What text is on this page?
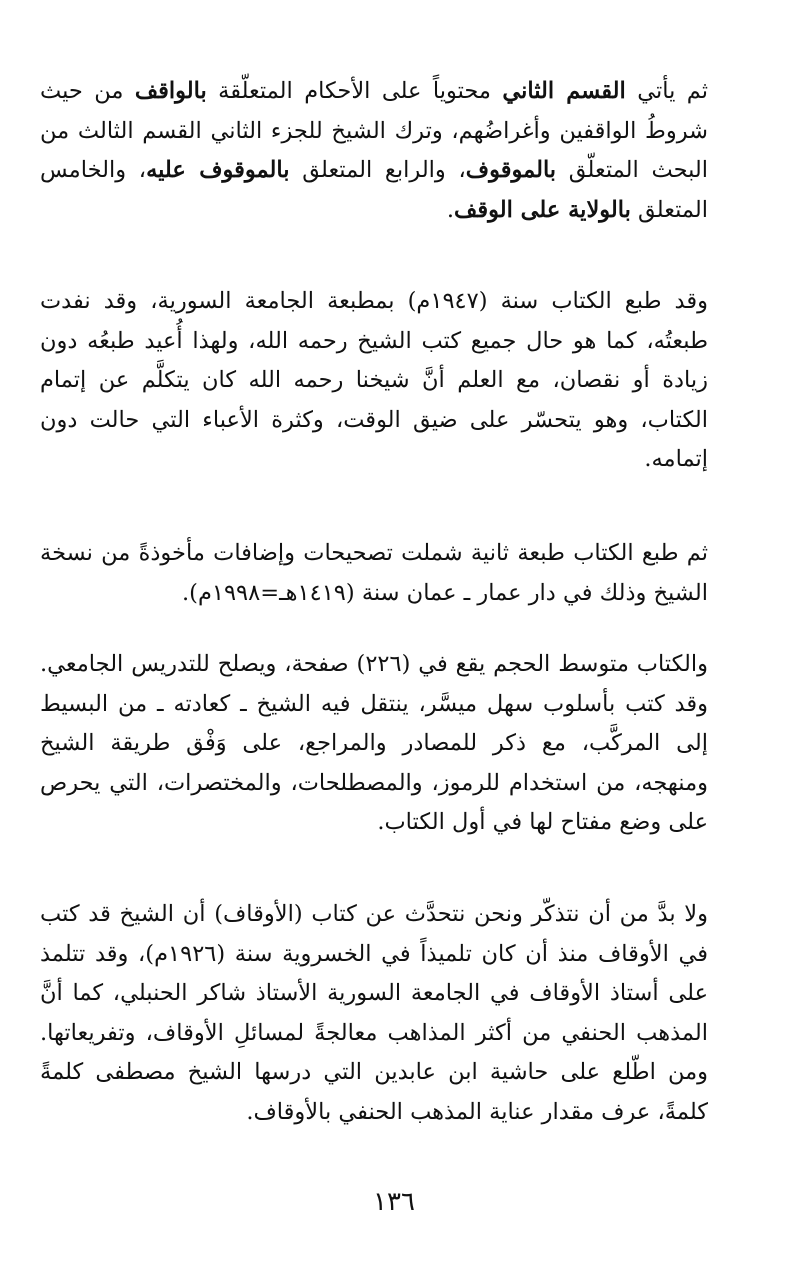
ثم يأتي القسم الثاني محتوياً على الأحكام المتعلّقة بالواقف من حيث شروطُ الواقفين وأغراضُهم، وترك الشيخ للجزء الثاني القسم الثالث من البحث المتعلّق بالموقوف، والرابع المتعلق بالموقوف عليه، والخامس المتعلق بالولاية على الوقف.

وقد طبع الكتاب سنة (١٩٤٧م) بمطبعة الجامعة السورية، وقد نفدت طبعتُه، كما هو حال جميع كتب الشيخ رحمه الله، ولهذا أُعيد طبعُه دون زيادة أو نقصان، مع العلم أنَّ شيخنا رحمه الله كان يتكلَّم عن إتمام الكتاب، وهو يتحسّر على ضيق الوقت، وكثرة الأعباء التي حالت دون إتمامه.

ثم طبع الكتاب طبعة ثانية شملت تصحيحات وإضافات مأخوذةً من نسخة الشيخ وذلك في دار عمار ـ عمان سنة (١٤١٩هـ=١٩٩٨م).

والكتاب متوسط الحجم يقع في (٢٢٦) صفحة، ويصلح للتدريس الجامعي. وقد كتب بأسلوب سهل ميسَّر، ينتقل فيه الشيخ ـ كعادته ـ من البسيط إلى المركَّب، مع ذكر للمصادر والمراجع، على وَفْق طريقة الشيخ ومنهجه، من استخدام للرموز، والمصطلحات، والمختصرات، التي يحرص على وضع مفتاح لها في أول الكتاب.

ولا بدَّ من أن نتذكّر ونحن نتحدَّث عن كتاب (الأوقاف) أن الشيخ قد كتب في الأوقاف منذ أن كان تلميذاً في الخسروية سنة (١٩٢٦م)، وقد تتلمذ على أستاذ الأوقاف في الجامعة السورية الأستاذ شاكر الحنبلي، كما أنَّ المذهب الحنفي من أكثر المذاهب معالجةً لمسائلِ الأوقاف، وتفريعاتها. ومن اطّلع على حاشية ابن عابدين التي درسها الشيخ مصطفى كلمةً كلمةً، عرف مقدار عناية المذهب الحنفي بالأوقاف.

١٣٦
